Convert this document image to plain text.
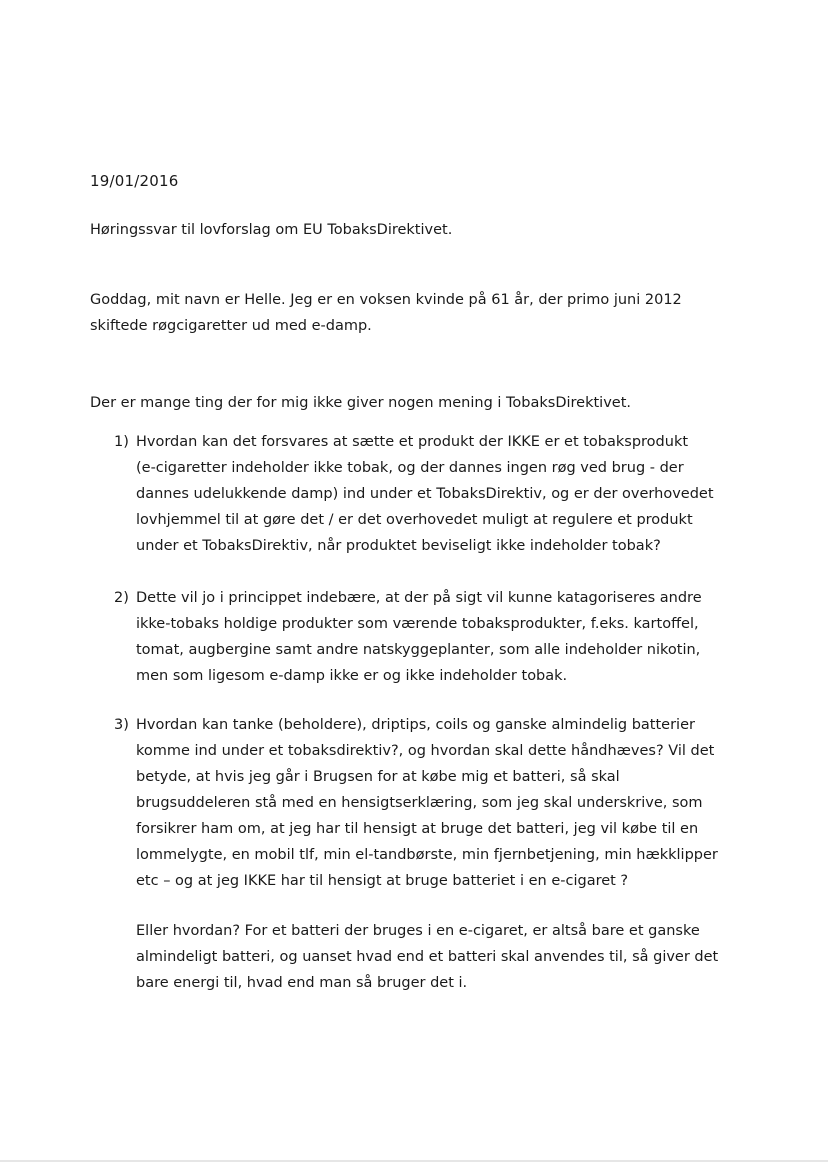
19/01/2016
Høringssvar til lovforslag om EU TobaksDirektivet.

Goddag, mit navn er Helle. Jeg er en voksen kvinde på 61 år, der primo juni 2012
skiftede røgcigaretter ud med e-damp.

Der er mange ting der for mig ikke giver nogen mening i TobaksDirektivet.

1) Hvordan kan det forsvares at sætte et produkt der IKKE er et tobaksprodukt
(e-cigaretter indeholder ikke tobak, og der dannes ingen røg ved brug - der
dannes udelukkende damp) ind under et TobaksDirektiv, og er der overhovedet
lovhjemmel til at gøre det / er det overhovedet muligt at regulere et produkt
under et TobaksDirektiv, når produktet beviseligt ikke indeholder tobak?
2) Dette vil jo i princippet indebære, at der på sigt vil kunne katagoriseres andre
ikke-tobaks holdige produkter som værende tobaksprodukter, f.eks. kartoffel,
tomat, augbergine samt andre natskyggeplanter, som alle indeholder nikotin,
men som ligesom e-damp ikke er og ikke indeholder tobak.
3) Hvordan kan tanke (beholdere), driptips, coils og ganske almindelig batterier
komme ind under et tobaksdirektiv?, og hvordan skal dette håndhæves? Vil det
betyde, at hvis jeg går i Brugsen for at købe mig et batteri, så skal
brugsuddeleren stå med en hensigtserklæring, som jeg skal underskrive, som
forsikrer ham om, at jeg har til hensigt at bruge det batteri, jeg vil købe til en
lommelygte, en mobil tlf, min el-tandbørste, min fjernbetjening, min hækklipper
etc – og at jeg IKKE har til hensigt at bruge batteriet i en e-cigaret ?

Eller hvordan? For et batteri der bruges i en e-cigaret, er altså bare et ganske
almindeligt batteri, og uanset hvad end et batteri skal anvendes til, så giver det
bare energi til, hvad end man så bruger det i.
